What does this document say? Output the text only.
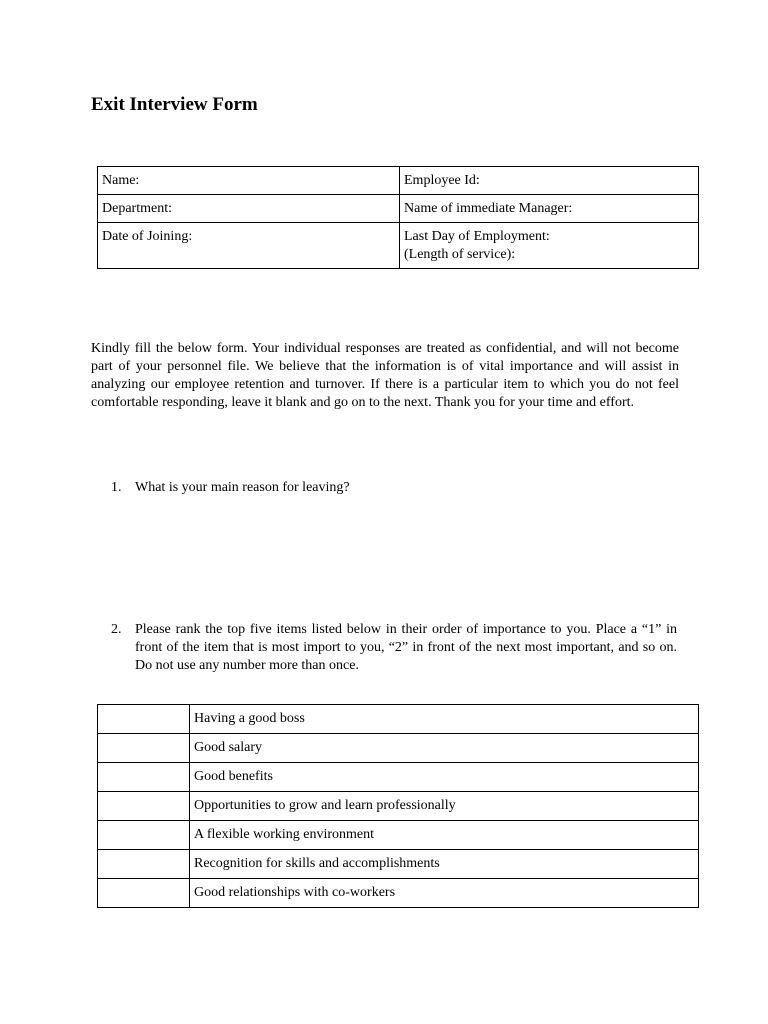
Exit Interview Form
Name:	Employee Id:
Department:	Name of immediate Manager:
Date of Joining:	Last Day of Employment:
(Length of service):

Kindly fill the below form. Your individual responses are treated as confidential, and will not become part of your personnel file. We believe that the information is of vital importance and will assist in analyzing our employee retention and turnover. If there is a particular item to which you do not feel comfortable responding, leave it blank and go on to the next. Thank you for your time and effort.

1. What is your main reason for leaving?
2. Please rank the top five items listed below in their order of importance to you. Place a “1” in front of the item that is most import to you, “2” in front of the next most important, and so on. Do not use any number more than once.
	Having a good boss
	Good salary
	Good benefits
	Opportunities to grow and learn professionally
	A flexible working environment
	Recognition for skills and accomplishments
	Good relationships with co-workers
